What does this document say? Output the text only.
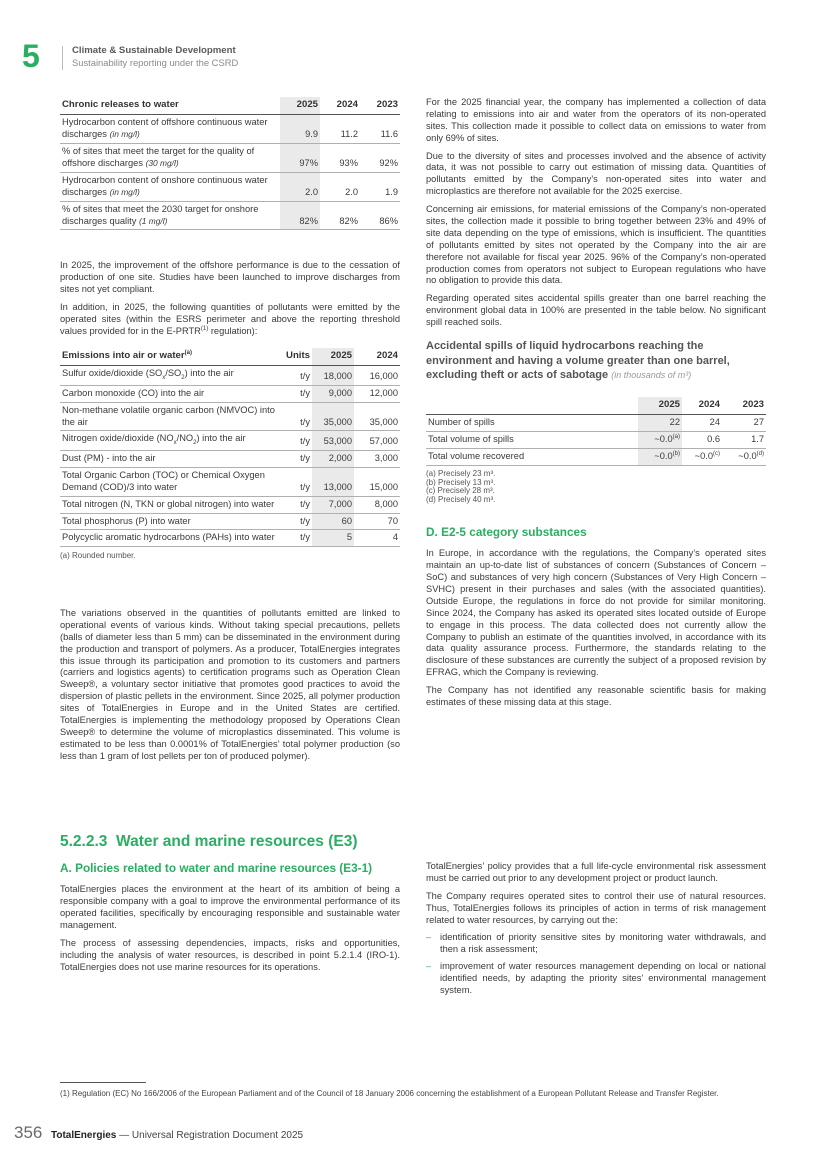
5	Climate & Sustainable Development
Sustainability reporting under the CSRD
Chronic releases to water	2025	2024	2023
Hydrocarbon content of offshore continuous water discharges (in mg/l)	9.9	11.2	11.6
% of sites that meet the target for the quality of offshore discharges (30 mg/l)	97%	93%	92%
Hydrocarbon content of onshore continuous water discharges (in mg/l)	2.0	2.0	1.9
% of sites that meet the 2030 target for onshore discharges quality (1 mg/l)	82%	82%	86%

In 2025, the improvement of the offshore performance is due to the cessation of production of one site. Studies have been launched to improve discharges from sites not yet compliant.

In addition, in 2025, the following quantities of pollutants were emitted by the operated sites (within the ESRS perimeter and above the reporting threshold values provided for in the E-PRTR$^{(1)}$ regulation):

Emissions into air or water$^{(a)}$	Units	2025	2024
Sulfur oxide/dioxide $(SO_x/SO_2)$ into the air	t/y	18,000	16,000
Carbon monoxide (CO) into the air	t/y	9,000	12,000
Non-methane volatile organic carbon (NMVOC) into the air	t/y	35,000	35,000
Nitrogen oxide/dioxide $(NO_x/NO_2)$ into the air	t/y	53,000	57,000
Dust (PM) - into the air	t/y	2,000	3,000
Total Organic Carbon (TOC) or Chemical Oxygen Demand (COD)/3 into water	t/y	13,000	15,000
Total nitrogen (N, TKN or global nitrogen) into water	t/y	7,000	8,000
Total phosphorus (P) into water	t/y	60	70
Polycyclic aromatic hydrocarbons (PAHs) into water	t/y	5	4
(a) Rounded number.

The variations observed in the quantities of pollutants emitted are linked to operational events of various kinds. Without taking special precautions, pellets (balls of diameter less than 5 mm) can be disseminated in the environment during the production and transport of polymers. As a producer, TotalEnergies integrates this issue through its participation and promotion to its customers and partners (carriers and logistics agents) to certification programs such as Operation Clean Sweep®, a voluntary sector initiative that promotes good practices to avoid the dispersion of plastic pellets in the environment. Since 2025, all polymer production sites of TotalEnergies in Europe and in the United States are certified. TotalEnergies is implementing the methodology proposed by Operations Clean Sweep® to determine the volume of microplastics disseminated. This volume is estimated to be less than 0.0001% of TotalEnergies’ total polymer production (so less than 1 gram of lost pellets per ton of produced polymer).

For the 2025 financial year, the company has implemented a collection of data relating to emissions into air and water from the operators of its non-operated sites. This collection made it possible to collect data on emissions to water from only 69% of sites.

Due to the diversity of sites and processes involved and the absence of activity data, it was not possible to carry out estimation of missing data. Quantities of pollutants emitted by the Company’s non-operated sites into water and microplastics are therefore not available for the 2025 exercise.

Concerning air emissions, for material emissions of the Company’s non-operated sites, the collection made it possible to bring together between 23% and 49% of site data depending on the type of emissions, which is insufficient. The quantities of pollutants emitted by sites not operated by the Company into the air are therefore not available for fiscal year 2025. 96% of the Company’s non-operated production comes from operators not subject to European regulations who have no obligation to provide this data.

Regarding operated sites accidental spills greater than one barrel reaching the environment global data in 100% are presented in the table below. No significant spill reached soils.

Accidental spills of liquid hydrocarbons reaching the environment and having a volume greater than one barrel, excluding theft or acts of sabotage (in thousands of m³)
	2025	2024	2023
Number of spills	22	24	27
Total volume of spills	~0.0$^{(a)}$	0.6	1.7
Total volume recovered	~0.0$^{(b)}$	~0.0$^{(c)}$	~0.0$^{(d)}$
(a) Precisely 23 m³.
(b) Precisely 13 m³.
(c) Precisely 28 m³.
(d) Precisely 40 m³.
D. E2-5 category substances

In Europe, in accordance with the regulations, the Company’s operated sites maintain an up-to-date list of substances of concern (Substances of Concern – SoC) and substances of very high concern (Substances of Very High Concern – SVHC) present in their purchases and sales (with the associated quantities). Outside Europe, the regulations in force do not provide for similar monitoring. Since 2024, the Company has asked its operated sites located outside of Europe to engage in this process. The data collected does not currently allow the Company to publish an estimate of the quantities involved, in accordance with its data quality assurance process. Furthermore, the standards relating to the disclosure of these substances are currently the subject of a proposed revision by EFRAG, which the Company is reviewing.

The Company has not identified any reasonable scientific basis for making estimates of these missing data at this stage.

5.2.2.3  Water and marine resources (E3)
A. Policies related to water and marine resources (E3-1)

TotalEnergies places the environment at the heart of its ambition of being a responsible company with a goal to improve the environmental performance of its operated facilities, specifically by encouraging responsible and sustainable water management.

The process of assessing dependencies, impacts, risks and opportunities, including the analysis of water resources, is described in point 5.2.1.4 (IRO-1). TotalEnergies does not use marine resources for its operations.

TotalEnergies’ policy provides that a full life-cycle environmental risk assessment must be carried out prior to any development project or product launch.

The Company requires operated sites to control their use of natural resources. Thus, TotalEnergies follows its principles of action in terms of risk management related to water resources, by carrying out the:

– identification of priority sensitive sites by monitoring water withdrawals, and then a risk assessment;
– improvement of water resources management depending on local or national identified needs, by adapting the priority sites’ environmental management system.
(1) Regulation (EC) No 166/2006 of the European Parliament and of the Council of 18 January 2006 concerning the establishment of a European Pollutant Release and Transfer Register.
356 TotalEnergies — Universal Registration Document 2025
